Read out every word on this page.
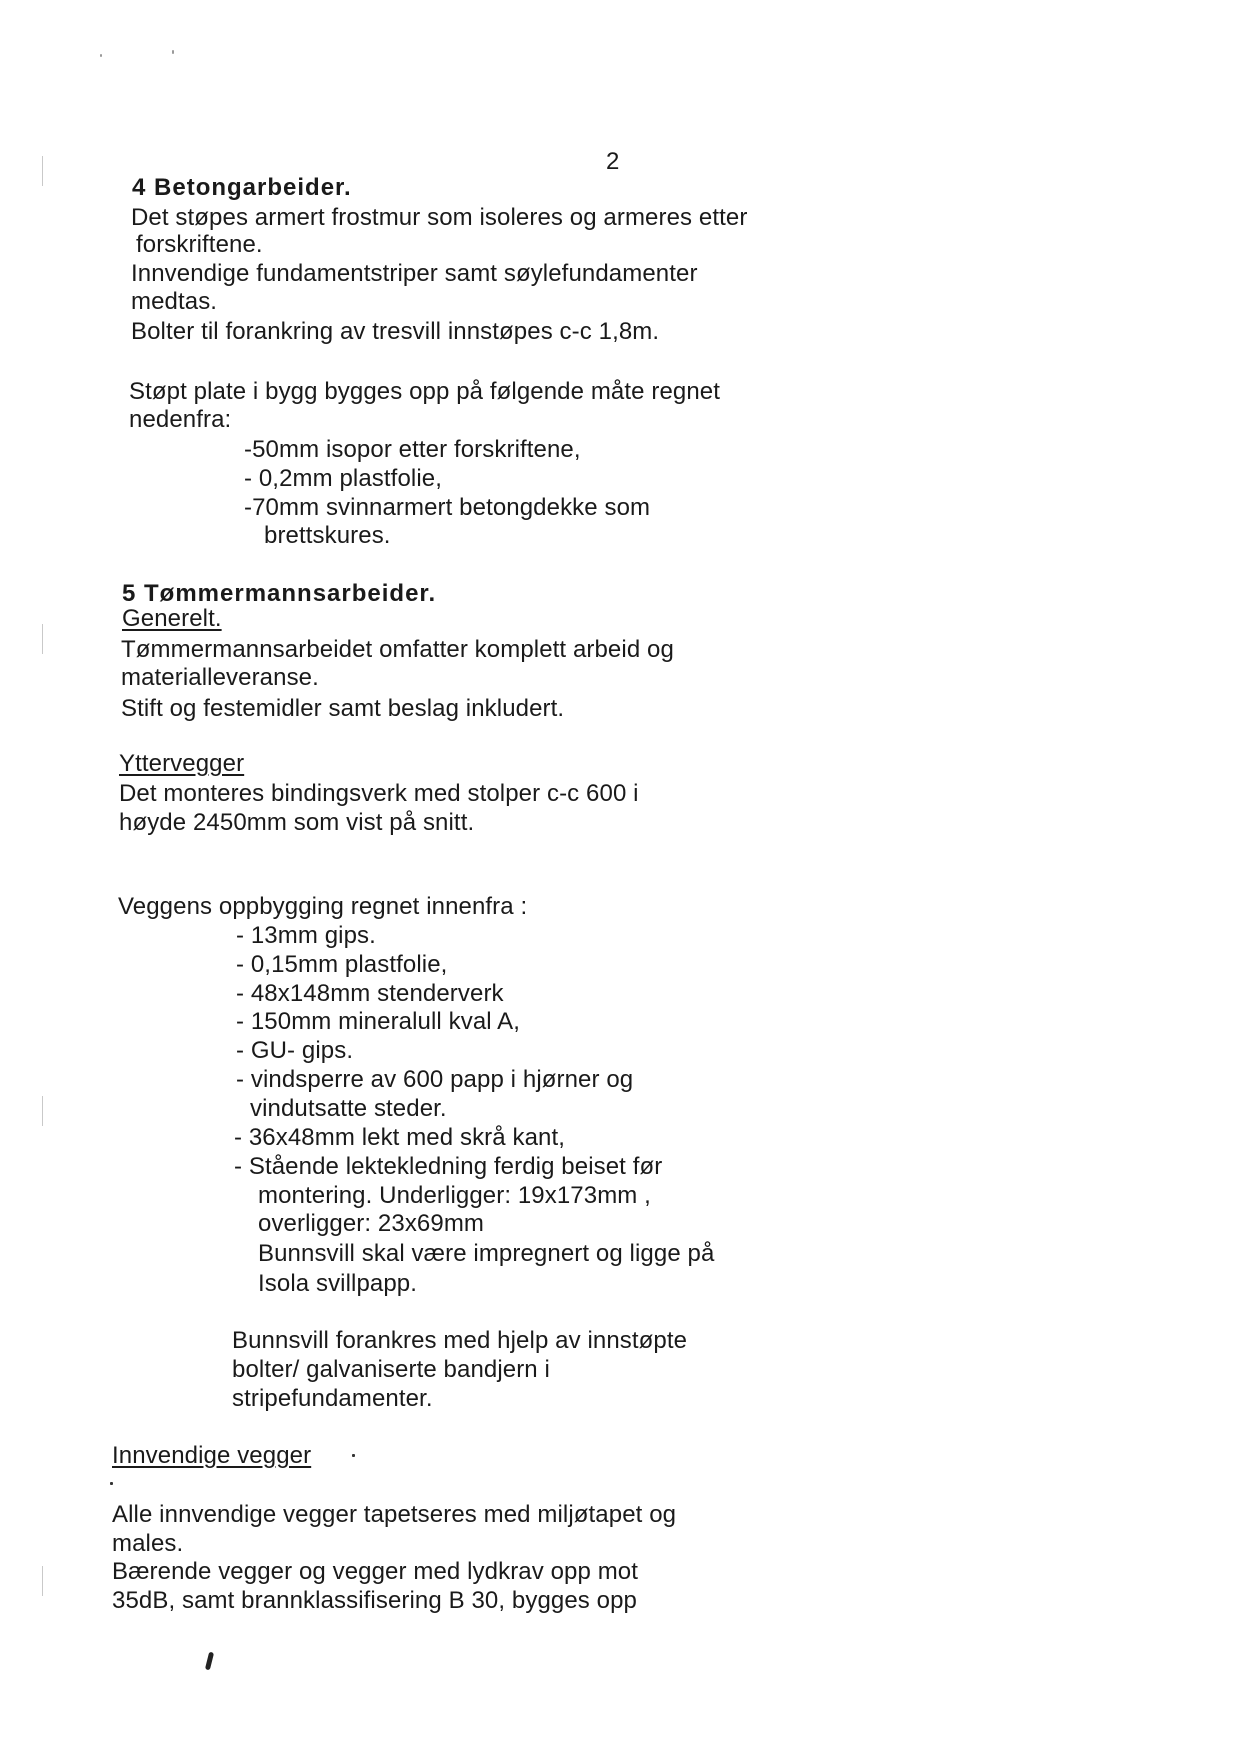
2
4 Betongarbeider.
Det støpes armert frostmur som isoleres og armeres etter
forskriftene.
Innvendige fundamentstriper samt søylefundamenter
medtas.
Bolter til forankring av tresvill innstøpes c-c 1,8m.
Støpt plate i bygg bygges opp på følgende måte regnet
nedenfra:
-50mm isopor etter forskriftene,
- 0,2mm plastfolie,
-70mm svinnarmert betongdekke som
brettskures.
5 Tømmermannsarbeider.
Generelt.
Tømmermannsarbeidet omfatter komplett arbeid og
materialleveranse.
Stift og festemidler samt beslag inkludert.
Yttervegger
Det monteres bindingsverk med stolper c-c 600 i
høyde 2450mm som vist på snitt.
Veggens oppbygging regnet innenfra :
- 13mm gips.
- 0,15mm plastfolie,
- 48x148mm stenderverk
- 150mm mineralull kval A,
- GU- gips.
- vindsperre av 600 papp i hjørner og
vindutsatte steder.
- 36x48mm lekt med skrå kant,
- Stående lektekledning ferdig beiset før
montering. Underligger: 19x173mm ,
overligger: 23x69mm
Bunnsvill skal være impregnert og ligge på
Isola svillpapp.
Bunnsvill forankres med hjelp av innstøpte
bolter/ galvaniserte bandjern i
stripefundamenter.
Innvendige vegger
Alle innvendige vegger tapetseres med miljøtapet og
males.
Bærende vegger og vegger med lydkrav opp mot
35dB, samt brannklassifisering B 30, bygges opp
